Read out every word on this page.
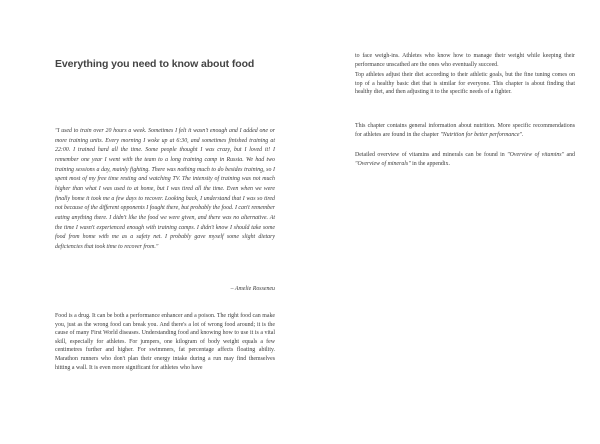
Everything you need to know about food

"I used to train over 20 hours a week. Sometimes I felt it wasn't enough and I added one or more training units. Every morning I woke up at 6:30, and sometimes finished training at 22:00. I trained hard all the time. Some people thought I was crazy, but I loved it! I remember one year I went with the team to a long training camp in Russia. We had two training sessions a day, mainly fighting. There was nothing much to do besides training, so I spent most of my free time resting and watching TV. The intensity of training was not much higher than what I was used to at home, but I was tired all the time. Even when we were finally home it took me a few days to recover. Looking back, I understand that I was so tired not because of the different opponents I fought there, but probably the food. I can't remember eating anything there. I didn't like the food we were given, and there was no alternative. At the time I wasn't experienced enough with training camps. I didn't know I should take some food from home with me as a safety net. I probably gave myself some slight dietary deficiencies that took time to recover from."

– Amelie Rosseneu

Food is a drug. It can be both a performance enhancer and a poison. The right food can make you, just as the wrong food can break you. And there's a lot of wrong food around; it is the cause of many First World diseases. Understanding food and knowing how to use it is a vital skill, especially for athletes. For jumpers, one kilogram of body weight equals a few centimetres further and higher. For swimmers, fat percentage affects floating ability. Marathon runners who don't plan their energy intake during a run may find themselves hitting a wall. It is even more significant for athletes who have

to face weigh-ins. Athletes who know how to manage their weight while keeping their performance unscathed are the ones who eventually succeed.

Top athletes adjust their diet according to their athletic goals, but the fine tuning comes on top of a healthy basic diet that is similar for everyone. This chapter is about finding that healthy diet, and then adjusting it to the specific needs of a fighter.

This chapter contains general information about nutrition. More specific recommendations for athletes are found in the chapter "Nutrition for better performance".

Detailed overview of vitamins and minerals can be found in "Overview of vitamins" and "Overview of minerals" in the appendix.
